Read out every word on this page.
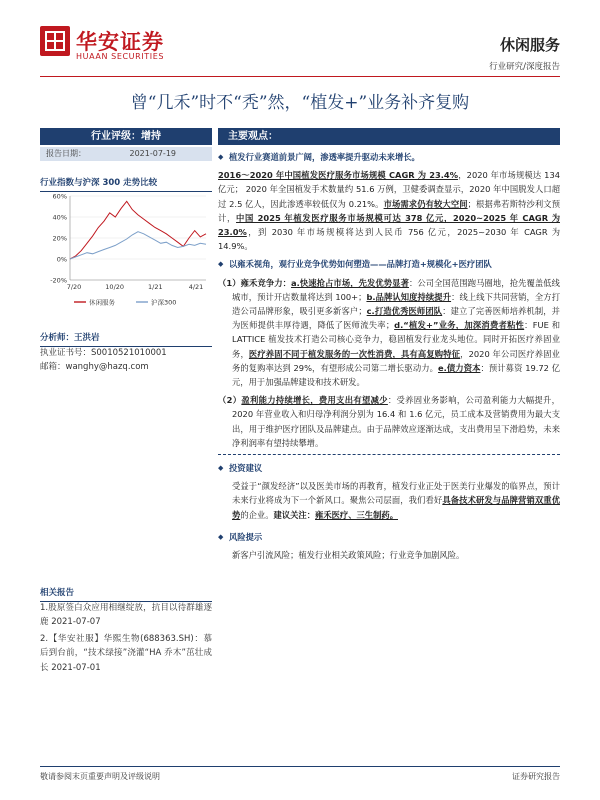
华安证券
HUAAN SECURITIES
休闲服务
行业研究/深度报告
曾“几禾”时不“秃”然，“植发+”业务补齐复购
行业评级：增持
报告日期：	2021-07-19
行业指数与沪深 300 走势比较
60%
40%
20%
0%
-20%
7/20	10/20	1/21	4/21
休闲服务	沪深300
分析师：王洪岩
执业证书号：S0010521010001
邮箱：wanghy@hazq.com
相关报告
1.股原签白众应用相继绽放，抗目以待群雄逐鹿 2021-07-07
2.【华安社服】华熙生物(688363.SH)：慕后到台前，“技术绿接”浇灌“HA 乔木”茁壮成长 2021-07-01
主要观点：
◆ 植发行业赛道前景广阔，渗透率提升驱动未来增长。
2016～2020 年中国植发医疗服务市场规模 CAGR 为 23.4%，2020 年市场规模达 134 亿元； 2020 年全国植发手术数量约 51.6 万例，卫健委调查显示，2020 年中国脱发人口超过 2.5 亿人，因此渗透率较低仅为 0.21%。市场需求仍有较大空间；根据弗若斯特沙利文预计，中国 2025 年植发医疗服务市场规模可达 378 亿元，2020~2025 年 CAGR 为 23.0%，到 2030 年市场规模将达到人民币 756 亿元，2025~2030 年 CAGR 为 14.9%。
◆ 以雍禾视角，观行业竞争优势如何塑造——品牌打造+规模化+医疗团队
（1）雍禾竞争力：a.快速抢占市场，先发优势显著：公司全国范围跑马圈地，抢先覆盖低线城市，预计开店数量将达到 100+；b.品牌认知度持续提升：线上线下共同营销，全方打造公司品牌形象，吸引更多新客户；c.打造优秀医师团队：建立了完善医师培养机制，并为医师提供丰厚待遇，降低了医师流失率；d.“植发+”业务，加深消费者粘性：FUE 和 LATTICE 植发技术打造公司核心竞争力，稳固植发行业龙头地位。同时开拓医疗养固业务，医疗养固不同于植发服务的一次性消费，具有高复购特征，2020 年公司医疗养固业务的复购率达到 29%，有望形成公司第二增长驱动力。e.债力资本：预计募资 19.72 亿元，用于加强品牌建设和技术研发。
（2）盈利能力持续增长，费用支出有望减少：受养固业务影响，公司盈利能力大幅提升，2020 年营业收入和归母净利润分别为 16.4 和 1.6 亿元，员工成本及营销费用为最大支出，用于维护医疗团队及品牌建点。由于品牌效应逐渐达成，支出费用呈下滑趋势，未来净利润率有望持续攀增。
◆ 投资建议
受益于“颜发经济”以及医美市场的再教育，植发行业正处于医美行业爆发的临界点，预计未来行业将成为下一个新风口。聚焦公司层面，我们看好具备技术研发与品牌营销双重优势的企业。建议关注：雍禾医疗、三生制药。
◆ 风险提示
新客户引流风险；植发行业相关政策风险；行业竞争加剧风险。
敬请参阅末页重要声明及评级说明	证券研究报告
